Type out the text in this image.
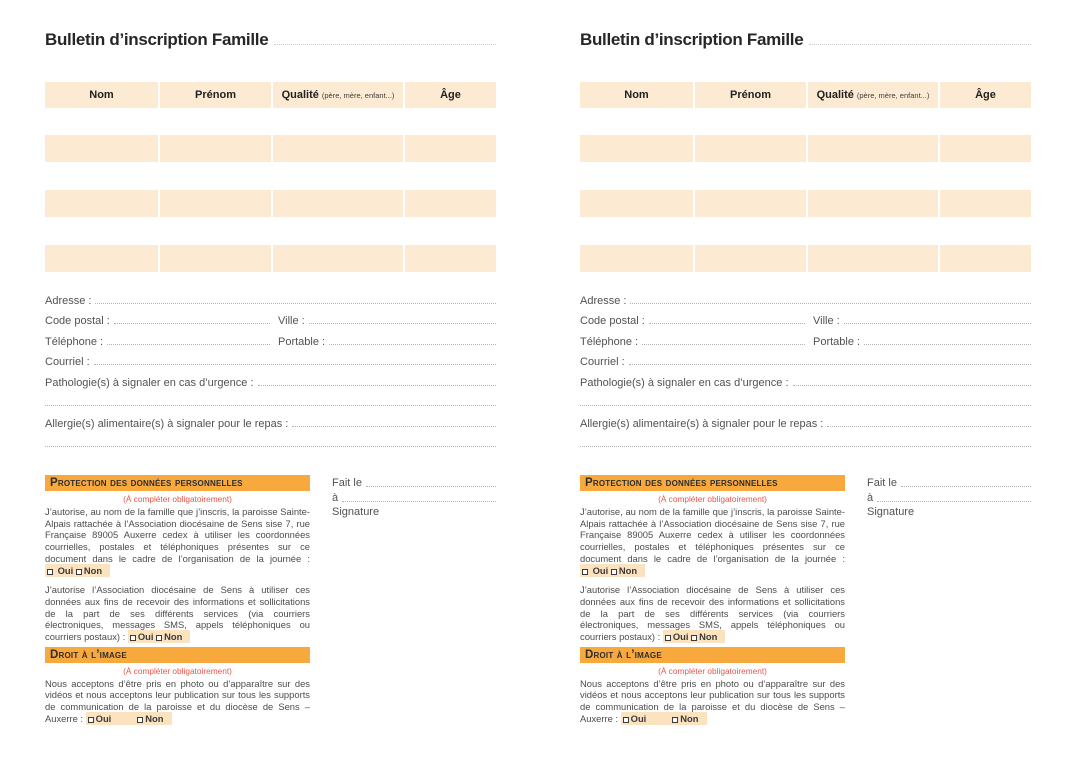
Bulletin d’inscription Famille
Nom	Prénom	Qualité (père, mère, enfant...)	Âge
Adresse :
Code postal :	Ville :
Téléphone :	Portable :
Courriel :
Pathologie(s) à signaler en cas d’urgence :
Allergie(s) alimentaire(s) à signaler pour le repas :
Protection des données personnelles
(À compléter obligatoirement)

J’autorise, au nom de la famille que j’inscris, la paroisse Sainte-Alpais rattachée à l’Association diocésaine de Sens sise 7, rue Française 89005 Auxerre cedex à utiliser les coordonnées courrielles, postales et téléphoniques présentes sur ce document dans le cadre de l’organisation de la journée :  Oui Non

J’autorise l’Association diocésaine de Sens à utiliser ces données aux fins de recevoir des informations et sollicitations de la part de ses différents services (via courriers électroniques, messages SMS, appels téléphoniques ou courriers postaux) : Oui Non

Droit à l’image
(À compléter obligatoirement)

Nous acceptons d’être pris en photo ou d’apparaître sur des vidéos et nous acceptons leur publication sur tous les supports de communication de la paroisse et du diocèse de Sens – Auxerre : Oui	Non

Fait le
à
Signature
Bulletin d’inscription Famille
Nom	Prénom	Qualité (père, mère, enfant...)	Âge
Adresse :
Code postal :	Ville :
Téléphone :	Portable :
Courriel :
Pathologie(s) à signaler en cas d’urgence :
Allergie(s) alimentaire(s) à signaler pour le repas :
Protection des données personnelles
(À compléter obligatoirement)

J’autorise, au nom de la famille que j’inscris, la paroisse Sainte-Alpais rattachée à l’Association diocésaine de Sens sise 7, rue Française 89005 Auxerre cedex à utiliser les coordonnées courrielles, postales et téléphoniques présentes sur ce document dans le cadre de l’organisation de la journée :  Oui Non

J’autorise l’Association diocésaine de Sens à utiliser ces données aux fins de recevoir des informations et sollicitations de la part de ses différents services (via courriers électroniques, messages SMS, appels téléphoniques ou courriers postaux) : Oui Non

Droit à l’image
(À compléter obligatoirement)

Nous acceptons d’être pris en photo ou d’apparaître sur des vidéos et nous acceptons leur publication sur tous les supports de communication de la paroisse et du diocèse de Sens – Auxerre : Oui	Non

Fait le
à
Signature
